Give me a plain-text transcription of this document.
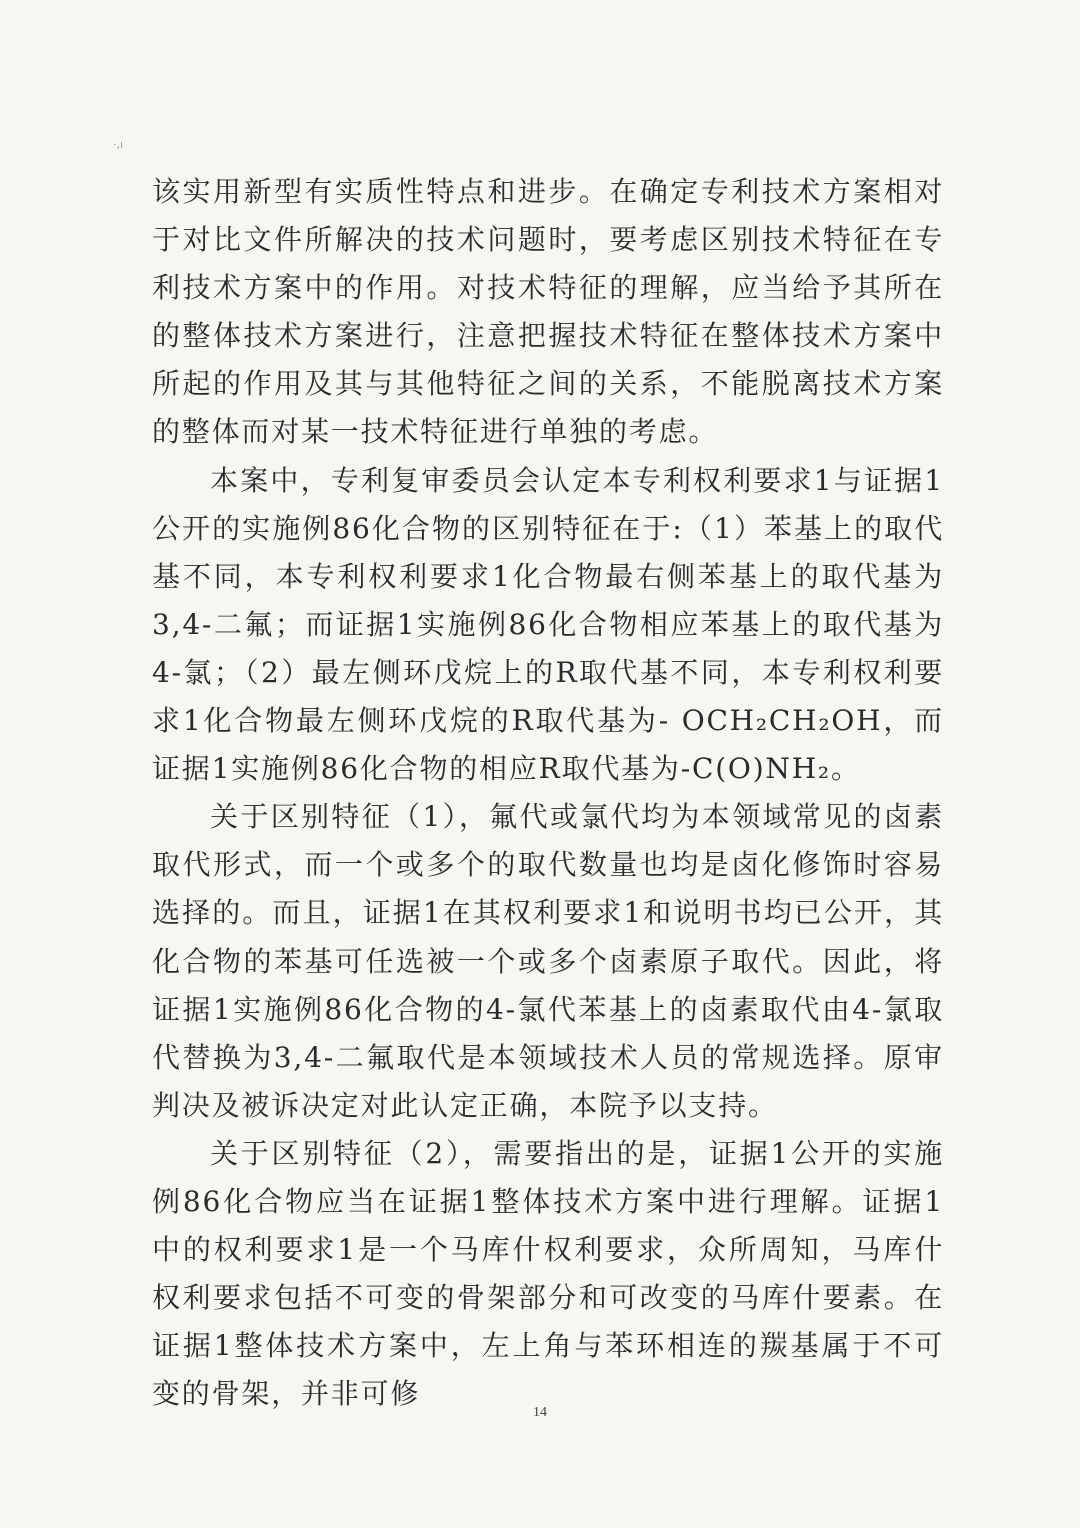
·,ı

该实用新型有实质性特点和进步。在确定专利技术方案相对于对比文件所解决的技术问题时，要考虑区别技术特征在专利技术方案中的作用。对技术特征的理解，应当给予其所在的整体技术方案进行，注意把握技术特征在整体技术方案中所起的作用及其与其他特征之间的关系，不能脱离技术方案的整体而对某一技术特征进行单独的考虑。

本案中，专利复审委员会认定本专利权利要求1与证据1公开的实施例86化合物的区别特征在于:（1）苯基上的取代基不同，本专利权利要求1化合物最右侧苯基上的取代基为3,4-二氟；而证据1实施例86化合物相应苯基上的取代基为4-氯；（2）最左侧环戊烷上的R取代基不同，本专利权利要求1化合物最左侧环戊烷的R取代基为- OCH₂CH₂OH，而证据1实施例86化合物的相应R取代基为-C(O)NH₂。

关于区别特征（1），氟代或氯代均为本领域常见的卤素取代形式，而一个或多个的取代数量也均是卤化修饰时容易选择的。而且，证据1在其权利要求1和说明书均已公开，其化合物的苯基可任选被一个或多个卤素原子取代。因此，将证据1实施例86化合物的4-氯代苯基上的卤素取代由4-氯取代替换为3,4-二氟取代是本领域技术人员的常规选择。原审判决及被诉决定对此认定正确，本院予以支持。

关于区别特征（2），需要指出的是，证据1公开的实施例86化合物应当在证据1整体技术方案中进行理解。证据1中的权利要求1是一个马库什权利要求，众所周知，马库什权利要求包括不可变的骨架部分和可改变的马库什要素。在证据1整体技术方案中，左上角与苯环相连的羰基属于不可变的骨架，并非可修

14
